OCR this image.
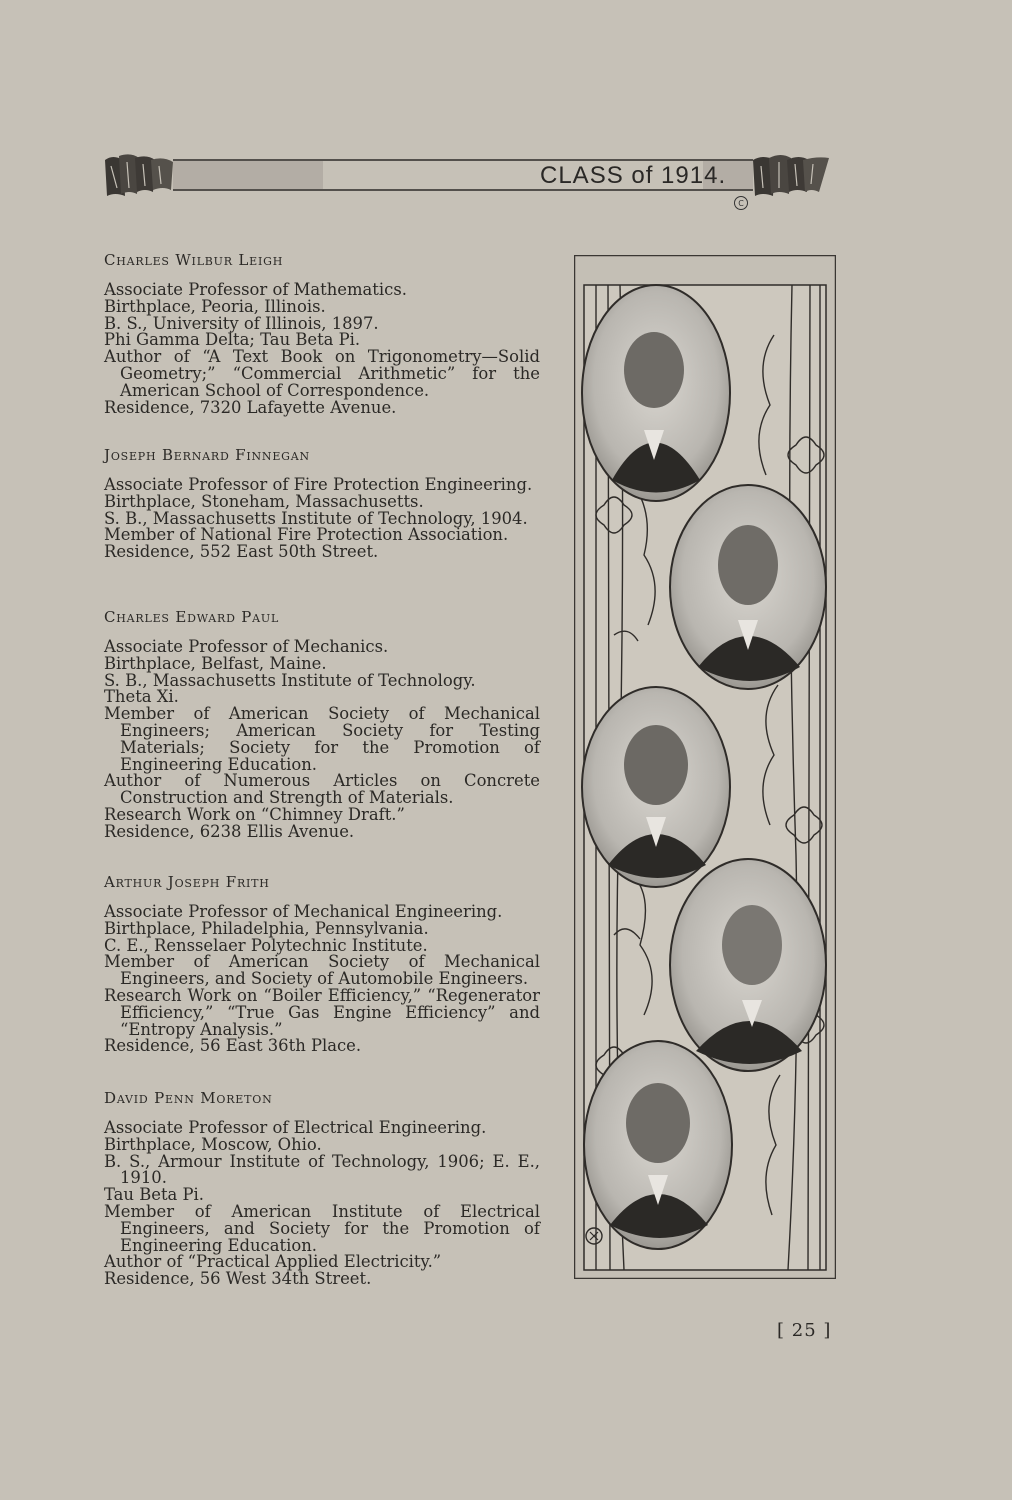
CLASS of 1914.
C
Charles Wilbur Leigh

Associate Professor of Mathematics.

Birthplace, Peoria, Illinois.

B. S., University of Illinois, 1897.

Phi Gamma Delta; Tau Beta Pi.

Author of “A Text Book on Trigonometry—Solid Geometry;” “Commercial Arithmetic” for the American School of Correspondence.

Residence, 7320 Lafayette Avenue.

Joseph Bernard Finnegan

Associate Professor of Fire Protection Engineering.

Birthplace, Stoneham, Massachusetts.

S. B., Massachusetts Institute of Technology, 1904.

Member of National Fire Protection Association.

Residence, 552 East 50th Street.

Charles Edward Paul

Associate Professor of Mechanics.

Birthplace, Belfast, Maine.

S. B., Massachusetts Institute of Technology.

Theta Xi.

Member of American Society of Mechanical Engineers; American Society for Testing Materials; Society for the Promotion of Engineering Education.

Author of Numerous Articles on Concrete Construction and Strength of Materials.

Research Work on “Chimney Draft.”

Residence, 6238 Ellis Avenue.

Arthur Joseph Frith

Associate Professor of Mechanical Engineering.

Birthplace, Philadelphia, Pennsylvania.

C. E., Rensselaer Polytechnic Institute.

Member of American Society of Mechanical Engineers, and Society of Automobile Engineers.

Research Work on “Boiler Efficiency,” “Regenerator Efficiency,” “True Gas Engine Efficiency” and “Entropy Analysis.”

Residence, 56 East 36th Place.

David Penn Moreton

Associate Professor of Electrical Engineering.

Birthplace, Moscow, Ohio.

B. S., Armour Institute of Technology, 1906; E. E., 1910.

Tau Beta Pi.

Member of American Institute of Electrical Engineers, and Society for the Promotion of Engineering Education.

Author of “Practical Applied Electricity.”

Residence, 56 West 34th Street.

[ 25 ]
